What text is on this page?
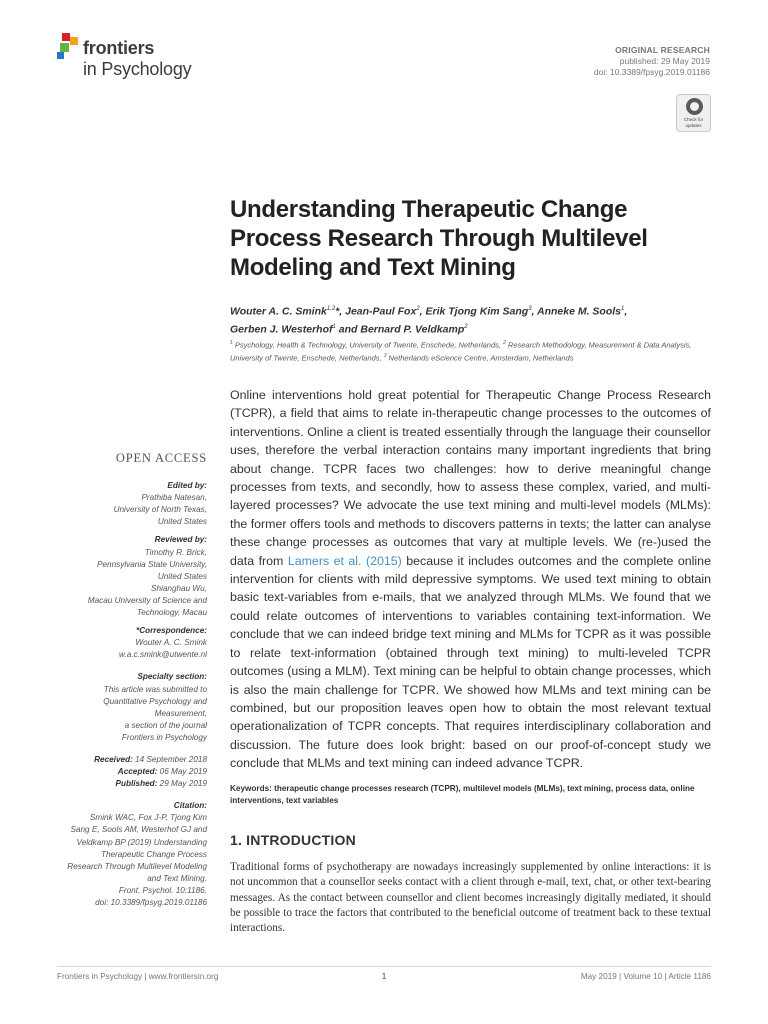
frontiers
in Psychology
ORIGINAL RESEARCH
published: 29 May 2019
doi: 10.3389/fpsyg.2019.01186
Check for
updates
Understanding Therapeutic Change Process Research Through Multilevel Modeling and Text Mining
Wouter A. C. Smink$^{1,2}$*, Jean-Paul Fox$^2$, Erik Tjong Kim Sang$^3$, Anneke M. Sools$^1$,
Gerben J. Westerhof$^1$ and Bernard P. Veldkamp$^2$
$^1$ Psychology, Health & Technology, University of Twente, Enschede, Netherlands, $^2$ Research Methodology, Measurement & Data Analysis, University of Twente, Enschede, Netherlands, $^3$ Netherlands eScience Centre, Amsterdam, Netherlands

Online interventions hold great potential for Therapeutic Change Process Research (TCPR), a field that aims to relate in-therapeutic change processes to the outcomes of interventions. Online a client is treated essentially through the language their counsellor uses, therefore the verbal interaction contains many important ingredients that bring about change. TCPR faces two challenges: how to derive meaningful change processes from texts, and secondly, how to assess these complex, varied, and multi-layered processes? We advocate the use text mining and multi-level models (MLMs): the former offers tools and methods to discovers patterns in texts; the latter can analyse these change processes as outcomes that vary at multiple levels. We (re-)used the data from Lamers et al. (2015) because it includes outcomes and the complete online intervention for clients with mild depressive symptoms. We used text mining to obtain basic text-variables from e-mails, that we analyzed through MLMs. We found that we could relate outcomes of interventions to variables containing text-information. We conclude that we can indeed bridge text mining and MLMs for TCPR as it was possible to relate text-information (obtained through text mining) to multi-leveled TCPR outcomes (using a MLM). Text mining can be helpful to obtain change processes, which is also the main challenge for TCPR. We showed how MLMs and text mining can be combined, but our proposition leaves open how to obtain the most relevant textual operationalization of TCPR concepts. That requires interdisciplinary collaboration and discussion. The future does look bright: based on our proof-of-concept study we conclude that MLMs and text mining can indeed advance TCPR.

Keywords: therapeutic change processes research (TCPR), multilevel models (MLMs), text mining, process data, online interventions, text variables

OPEN ACCESS
Edited by:
Prathiba Natesan,
University of North Texas,
United States
Reviewed by:
Timothy R. Brick,
Pennsylvania State University,
United States
Shianghau Wu,
Macau University of Science and
Technology, Macau
*Correspondence:
Wouter A. C. Smink
w.a.c.smink@utwente.nl
Specialty section:
This article was submitted to
Quantitative Psychology and
Measurement,
a section of the journal
Frontiers in Psychology
Received: 14 September 2018
Accepted: 06 May 2019
Published: 29 May 2019
Citation:
Smink WAC, Fox J-P, Tjong Kim
Sang E, Sools AM, Westerhof GJ and
Veldkamp BP (2019) Understanding
Therapeutic Change Process
Research Through Multilevel Modeling
and Text Mining.
Front. Psychol. 10:1186.
doi: 10.3389/fpsyg.2019.01186
1. INTRODUCTION

Traditional forms of psychotherapy are nowadays increasingly supplemented by online interactions: it is not uncommon that a counsellor seeks contact with a client through e-mail, text, chat, or other text-bearing messages. As the contact between counsellor and client becomes increasingly digitally mediated, it should be possible to trace the factors that contributed to the beneficial outcome of treatment back to these textual interactions.

Frontiers in Psychology | www.frontiersin.org	1	May 2019 | Volume 10 | Article 1186
